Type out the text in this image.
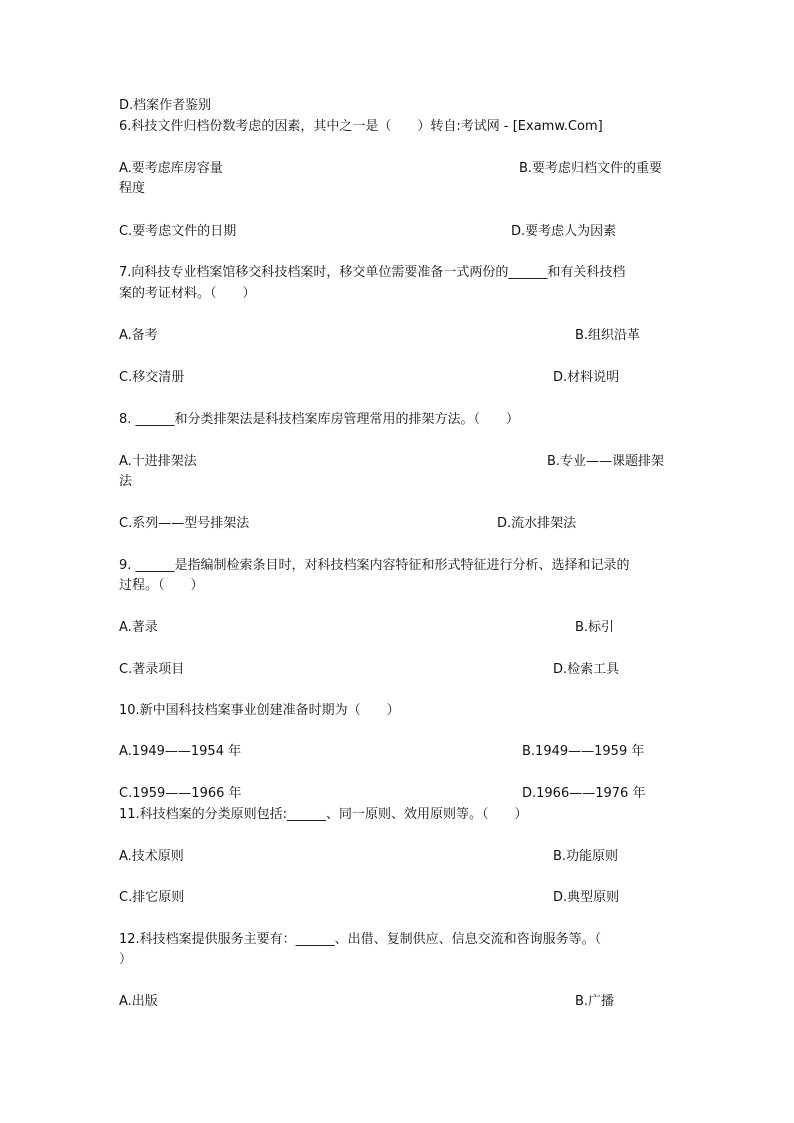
D.档案作者鉴别
6.科技文件归档份数考虑的因素，其中之一是（　　）转自:考试网 - [Examw.Com]
A.要考虑库房容量	B.要考虑归档文件的重要
程度
C.要考虑文件的日期	D.要考虑人为因素
7.向科技专业档案馆移交科技档案时，移交单位需要准备一式两份的______和有关科技档
案的考证材料。（　　）
A.备考	B.组织沿革
C.移交清册	D.材料说明
8. ______和分类排架法是科技档案库房管理常用的排架方法。（　　）
A.十进排架法	B.专业——课题排架
法
C.系列——型号排架法	D.流水排架法
9. ______是指编制检索条目时，对科技档案内容特征和形式特征进行分析、选择和记录的
过程。（　　）
A.著录	B.标引
C.著录项目	D.检索工具
10.新中国科技档案事业创建准备时期为（　　）
A.1949——1954 年	B.1949——1959 年
C.1959——1966 年	D.1966——1976 年
11.科技档案的分类原则包括:______、同一原则、效用原则等。（　　）
A.技术原则	B.功能原则
C.排它原则	D.典型原则
12.科技档案提供服务主要有：______、出借、复制供应、信息交流和咨询服务等。（
）
A.出版	B.广播
